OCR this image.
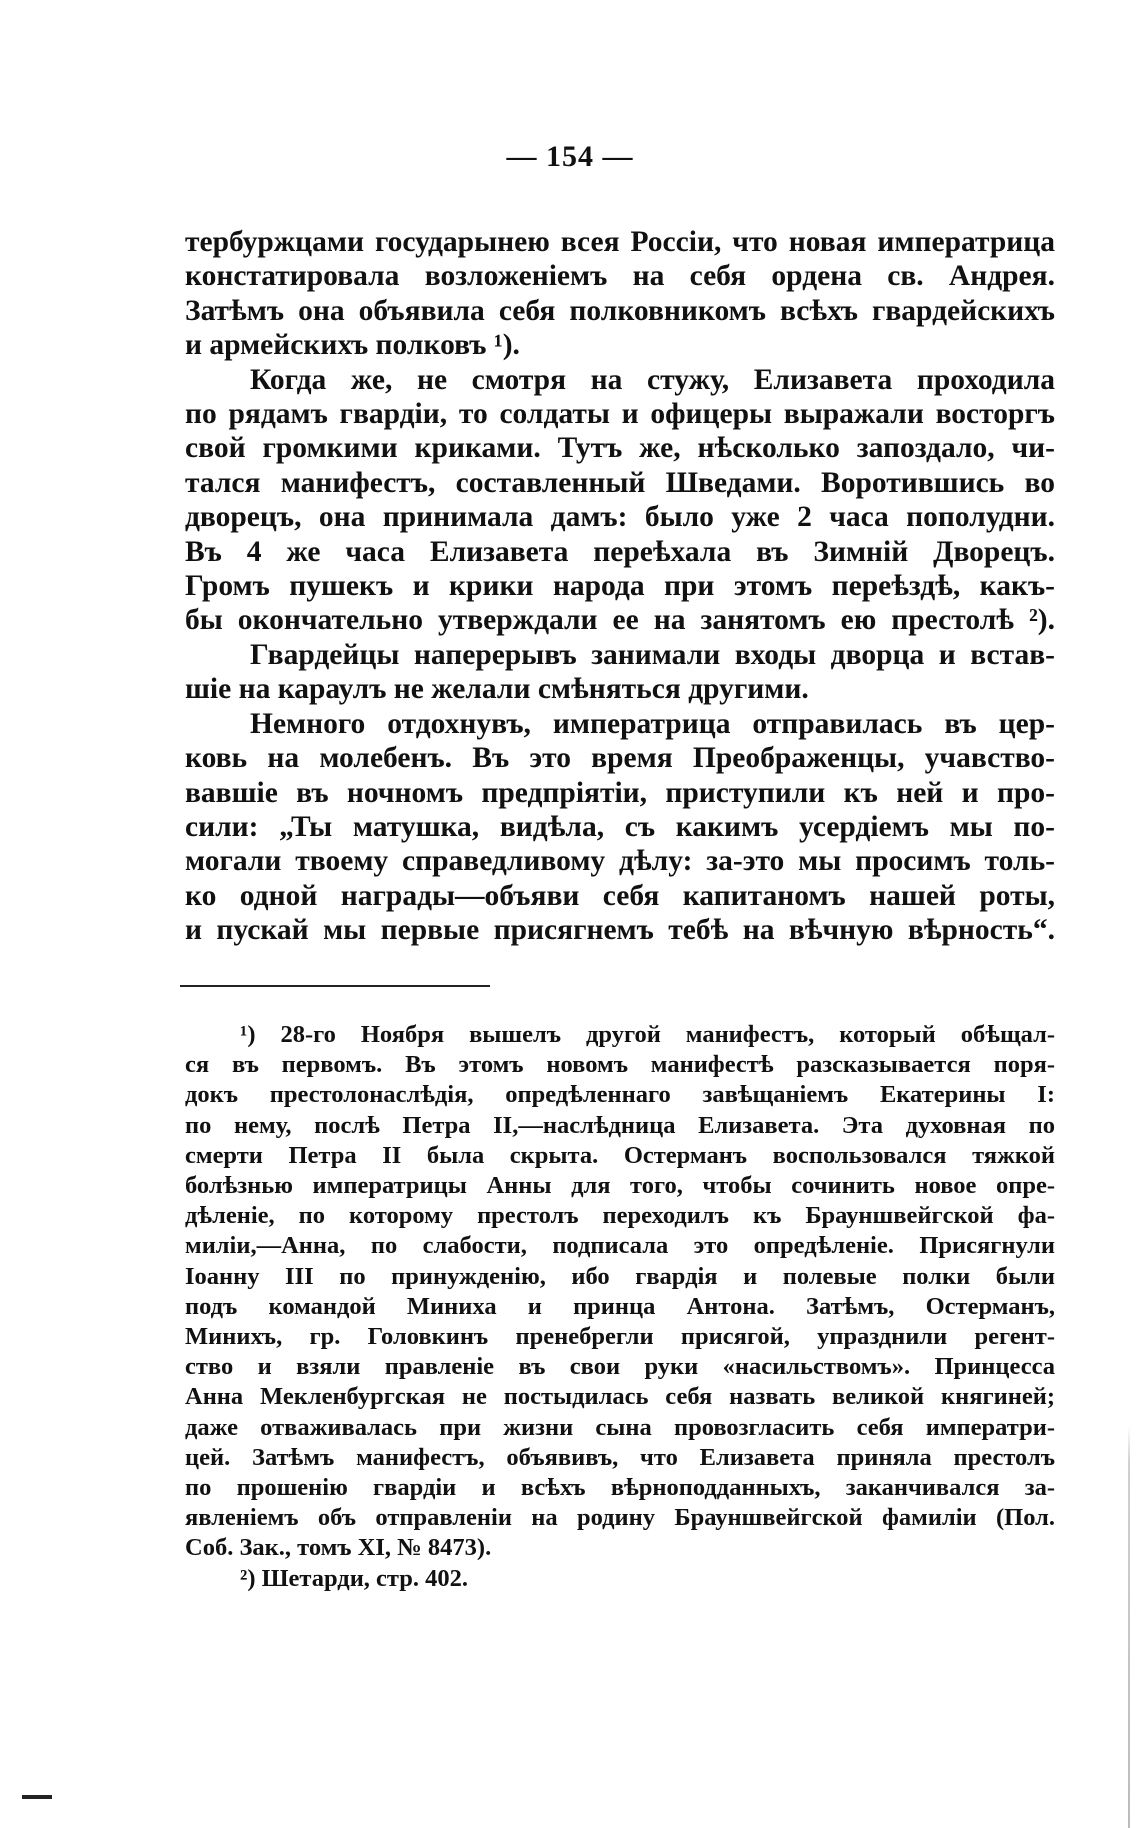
— 154 —

тербуржцами государынею всея Россіи, что новая императрица
констатировала возложеніемъ на себя ордена св. Андрея.
Затѣмъ она объявила себя полковникомъ всѣхъ гвардейскихъ
и армейскихъ полковъ ¹).

Когда же, не смотря на стужу, Елизавета проходила
по рядамъ гвардіи, то солдаты и офицеры выражали восторгъ
свой громкими криками. Тутъ же, нѣсколько запоздало, чи-
тался манифестъ, составленный Шведами. Воротившись во
дворецъ, она принимала дамъ: было уже 2 часа пополудни.
Въ 4 же часа Елизавета переѣхала въ Зимній Дворецъ.
Громъ пушекъ и крики народа при этомъ переѣздѣ, какъ-
бы окончательно утверждали ее на занятомъ ею престолѣ ²).

Гвардейцы наперерывъ занимали входы дворца и встав-
шіе на караулъ не желали смѣняться другими.

Немного отдохнувъ, императрица отправилась въ цер-
ковь на молебенъ. Въ это время Преображенцы, учавство-
вавшіе въ ночномъ предпріятіи, приступили къ ней и про-
сили: „Ты матушка, видѣла, съ какимъ усердіемъ мы по-
могали твоему справедливому дѣлу: за-это мы просимъ толь-
ко одной награды—объяви себя капитаномъ нашей роты,
и пускай мы первые присягнемъ тебѣ на вѣчную вѣрность“.

¹) 28-го Ноября вышелъ другой манифестъ, который обѣщал-
ся въ первомъ. Въ этомъ новомъ манифестѣ разсказывается поря-
докъ престолонаслѣдія, опредѣленнаго завѣщаніемъ Екатерины I:
по нему, послѣ Петра II,—наслѣдница Елизавета. Эта духовная по
смерти Петра II была скрыта. Остерманъ воспользовался тяжкой
болѣзнью императрицы Анны для того, чтобы сочинить новое опре-
дѣленіе, по которому престолъ переходилъ къ Брауншвейгской фа-
миліи,—Анна, по слабости, подписала это опредѣленіе. Присягнули
Іоанну III по принужденію, ибо гвардія и полевые полки были
подъ командой Миниха и принца Антона. Затѣмъ, Остерманъ,
Минихъ, гр. Головкинъ пренебрегли присягой, упразднили регент-
ство и взяли правленіе въ свои руки «насильствомъ». Принцесса
Анна Мекленбургская не постыдилась себя назвать великой княгиней;
даже отваживалась при жизни сына провозгласить себя императри-
цей. Затѣмъ манифестъ, объявивъ, что Елизавета приняла престолъ
по прошенію гвардіи и всѣхъ вѣрноподданныхъ, заканчивался за-
явленіемъ объ отправленіи на родину Брауншвейгской фамиліи (Пол.
Соб. Зак., томъ XI, № 8473).

²) Шетарди, стр. 402.
